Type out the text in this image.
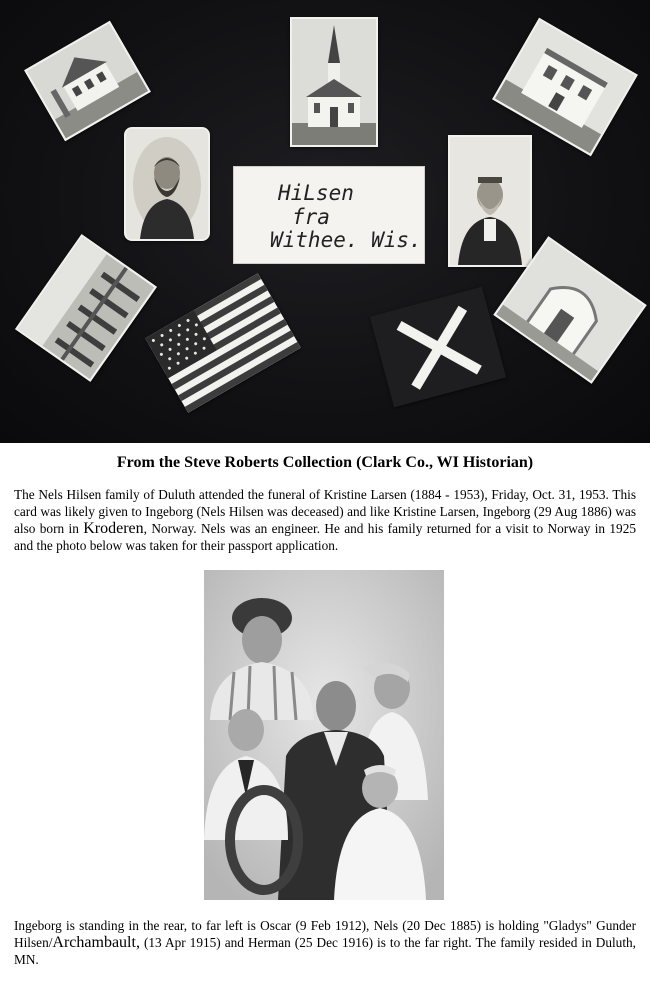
HiLsen
fra
Withee. Wis.
From the Steve Roberts Collection (Clark Co., WI Historian)
The Nels Hilsen family of Duluth attended the funeral of Kristine Larsen (1884 - 1953), Friday, Oct. 31, 1953. This card was likely given to Ingeborg (Nels Hilsen was deceased) and like Kristine Larsen, Ingeborg (29 Aug 1886) was also born in Kroderen, Norway. Nels was an engineer. He and his family returned for a visit to Norway in 1925 and the photo below was taken for their passport application.
Ingeborg is standing in the rear, to far left is Oscar (9 Feb 1912), Nels (20 Dec 1885) is holding "Gladys" Gunder Hilsen/Archambault, (13 Apr 1915) and Herman (25 Dec 1916) is to the far right. The family resided in Duluth, MN.
